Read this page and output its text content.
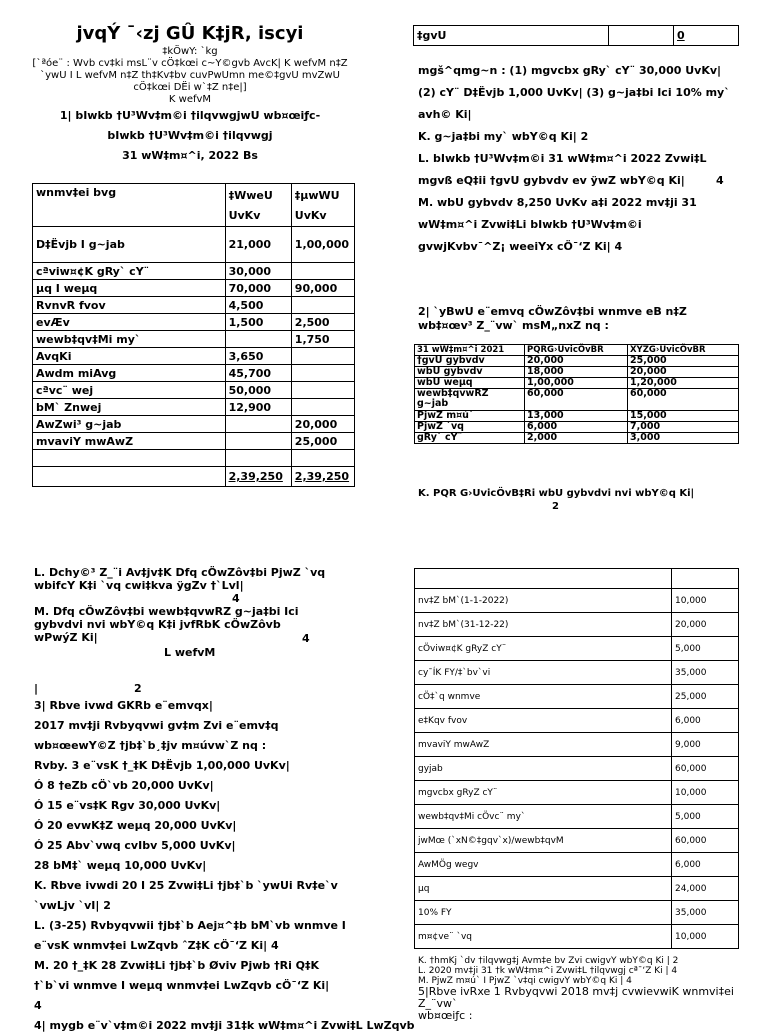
jvqÝ ¯‹zj GÛ K‡jR, iscyi
‡kÖwY: `kg
[`ªóe¨ : Wvb cv‡ki msL¨v cÖ‡kœi c~Y©gvb AvcK| K wefvM n‡Z `ywU I L wefvM n‡Z th‡Kv‡bv cuvPwUmn me©‡gvU mvZwU cÖ‡kœi DËi w`‡Z n‡e|]
K wefvM
1| bIwkb †U³Wv‡m©i †ilqvwgjwU wb¤œiƒc-
bIwkb †U³Wv‡m©i †ilqvwgj
31 wW‡m¤^i, 2022 Bs
wnmv‡ei bvg	‡WweU UvKv	‡µwWU UvKv
D‡Ëvjb I g~jab	21,000	1,00,000
cªviw¤¢K gRy` cY¨	30,000	
µq I weµq	70,000	90,000
RvnvR fvov	4,500	
evÆv	1,500	2,500
wewb‡qv‡Mi my`		1,750
AvqKi	3,650	
Awdm miAvg	45,700	
cªvc¨ wej	50,000	
bM` Znwej	12,900	
AwZwi³ g~jab		20,000
mvaviY mwAwZ		25,000

	2,39,250	2,39,250
L. Dchy©³ Z_¨i Av‡jv‡K Dfq cÖwZôv‡bi PjwZ `vq wbifcY K‡i `vq cwi‡kva ÿgZv †`Lvl|
4
M. Dfq cÖwZôv‡bi wewb‡qvwRZ g~ja‡bi Ici gybvdvi nvi wbY©q K‡i jvfRbK cÖwZôvb wPwýZ Ki|	4
L wefvM
|	2
3| Rbve ivwd GKRb e¨emvqx|
2017 mv‡ji Rvbyqvwi gv‡m Zvi e¨emv‡q wb¤œewY©Z †jb‡`b¸‡jv m¤úvw`Z nq :
Rvby. 3 e¨vsK †_‡K D‡Ëvjb 1,00,000 UvKv|
Ó 8 †eZb cÖ`vb 20,000 UvKv|
Ó 15 e¨vs‡K Rgv 30,000 UvKv|
Ó 20 evwK‡Z weµq 20,000 UvKv|
Ó 25 Abv`vwq cvIbv 5,000 UvKv|
28 bM‡` weµq 10,000 UvKv|
K. Rbve ivwdi 20 I 25 Zvwi‡Li †jb‡`b `ywUi Rv‡e`v `vwLjv `vI| 2
L. (3-25) Rvbyqvwii †jb‡`b Aej¤^‡b bM`vb wnmve I e¨vsK wnmv‡ei LwZqvb ˆZ‡K cÖ¯‘Z Ki| 4
M. 20 †_‡K 28 Zvwi‡Li †jb‡`b Øviv Pjwb †Ri Q‡K †`b`vi wnmve I weµq wnmv‡ei LwZqvb cÖ¯‘Z Ki|
4
4| mygb e¨v`v‡m©i 2022 mv‡ji 31‡k wW‡m¤^i Zvwi‡L LwZqvb
‡gvU		0
mgš^qmg~n : (1) mgvcbx gRy` cY¨ 30,000 UvKv|
(2) cY¨ D‡Ëvjb 1,000 UvKv| (3) g~ja‡bi Ici 10% my`
avh© Ki|
K. g~ja‡bi my` wbY©q Ki| 2
L. bIwkb †U³Wv‡m©i 31 wW‡m¤^i 2022 Zvwi‡L
mgvß eQ‡ii †gvU gybvdv ev ÿwZ wbY©q Ki|	4
M. wbU gybvdv 8,250 UvKv a‡i 2022 mv‡ji 31
wW‡m¤^i Zvwi‡Li bIwkb †U³Wv‡m©i
gvwjKvbv¯^Z¡ weeiYx cÖ¯‘Z Ki| 4
2| `yBwU e¨emvq cÖwZôv‡bi wnmve eB n‡Z wb‡¤œv³ Z_¨vw` msM„nxZ nq :
31 wW‡m¤^i 2021	PQRG›UvicÖvBR	XYZG›UvicÖvBR
†gvU gybvdv	20,000	25,000
wbU gybvdv	18,000	20,000
wbU weµq	1,00,000	1,20,000
wewb‡qvwRZ g~jab	60,000	60,000
PjwZ m¤ú`	13,000	15,000
PjwZ `vq	6,000	7,000
gRy` cY¨	2,000	3,000
K. PQR G›UvicÖvB‡Ri wbU gybvdvi nvi wbY©q Ki|
2

nv‡Z bM`(1-1-2022)	10,000
nv‡Z bM`(31-12-22)	20,000
cÖviw¤¢K gRyZ cY¨	5,000
cy¯ÍK FY/‡`bv`vi	35,000
cÖ‡`q wnmve	25,000
e‡Kqv fvov	6,000
mvaviY mwAwZ	9,000
gyjab	60,000
mgvcbx gRyZ cY¨	10,000
wewb‡qv‡Mi cÖvc¨ my`	5,000
jwMœ (`xN©‡gqv`x)/wewb‡qvM	60,000
AwMÖg wegv	6,000
µq	24,000
10% FY	35,000
m¤¢ve¨ `vq	10,000
K. †hmKj `dv †ilqvwg‡j Avm‡e bv Zvi cwigvY wbY©q Ki | 2
L. 2020 mv‡ji 31 †k wW‡m¤^i Zvwi‡L †ilqvwgj cª¯‘Z Ki | 4
M. PjwZ m¤ú` I PjwZ `v‡qi cwigvY wbY©q Ki | 4
5|Rbve ivRxe 1 Rvbyqvwi 2018 mv‡j cvwievwiK wnmvi‡ei
Z_¨vw`
wb¤œiƒc :
